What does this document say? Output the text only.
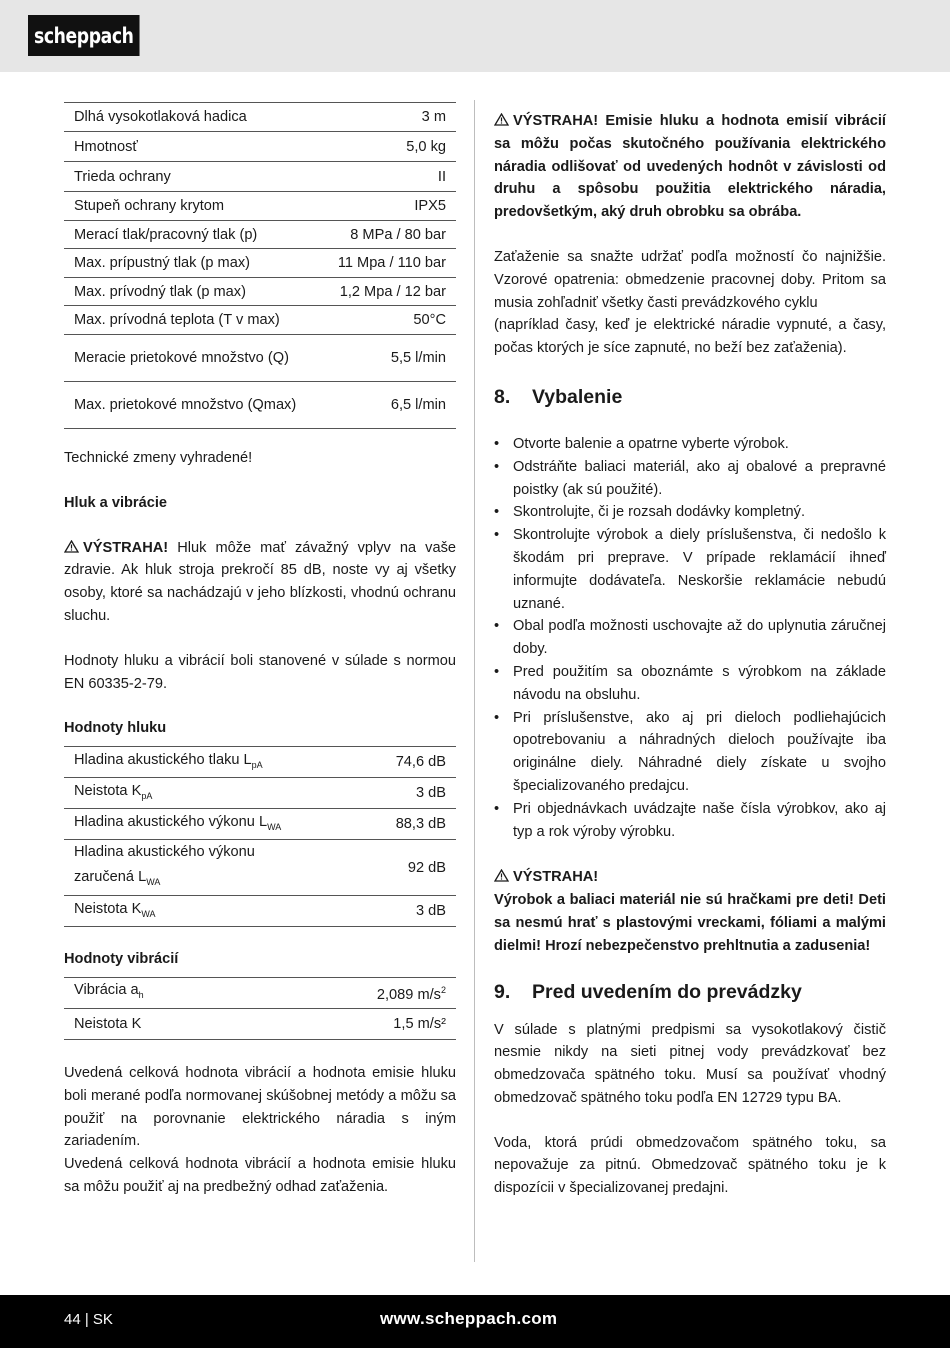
scheppach
Dlhá vysokotlaková hadica	3 m
Hmotnosť	5,0 kg
Trieda ochrany	II
Stupeň ochrany krytom	IPX5
Merací tlak/pracovný tlak (p)	8 MPa / 80 bar
Max. prípustný tlak (p max)	11 Mpa / 110 bar
Max. prívodný tlak (p max)	1,2 Mpa / 12 bar
Max. prívodná teplota (T v max)	50°C
Meracie prietokové množstvo (Q)	5,5 l/min
Max. prietokové množstvo (Qmax)	6,5 l/min

Technické zmeny vyhradené!

Hluk a vibrácie

VÝSTRAHA! Hluk môže mať závažný vplyv na vaše zdravie. Ak hluk stroja prekročí 85 dB, noste vy aj všetky osoby, ktoré sa nachádzajú v jeho blízkosti, vhodnú ochranu sluchu.

Hodnoty hluku a vibrácií boli stanovené v súlade s normou EN 60335-2-79.

Hodnoty hluku

Hladina akustického tlaku $L_{pA}$	74,6 dB
Neistota $K_{pA}$	3 dB
Hladina akustického výkonu $L_{WA}$	88,3 dB
Hladina akustického výkonu
zaručená $L_{WA}$	92 dB
Neistota $K_{WA}$	3 dB

Hodnoty vibrácií

Vibrácia $a_h$	2,089 $m/s^2$
Neistota K	1,5 m/s²

Uvedená celková hodnota vibrácií a hodnota emisie hluku boli merané podľa normovanej skúšobnej metódy a môžu sa použiť na porovnanie elektrického náradia s iným zariadením.

Uvedená celková hodnota vibrácií a hodnota emisie hluku sa môžu použiť aj na predbežný odhad zaťaženia.

VÝSTRAHA! Emisie hluku a hodnota emisií vibrácií sa môžu počas skutočného používania elektrického náradia odlišovať od uvedených hodnôt v závislosti od druhu a spôsobu použitia elektrického náradia, predovšetkým, aký druh obrobku sa obrába.

Zaťaženie sa snažte udržať podľa možností čo najnižšie. Vzorové opatrenia: obmedzenie pracovnej doby. Pritom sa musia zohľadniť všetky časti prevádzkového cyklu

(napríklad časy, keď je elektrické náradie vypnuté, a časy, počas ktorých je síce zapnuté, no beží bez zaťaženia).

8.	Vybalenie
• Otvorte balenie a opatrne vyberte výrobok.
• Odstráňte baliaci materiál, ako aj obalové a prepravné poistky (ak sú použité).
• Skontrolujte, či je rozsah dodávky kompletný.
• Skontrolujte výrobok a diely príslušenstva, či nedošlo k škodám pri preprave. V prípade reklamácií ihneď informujte dodávateľa. Neskoršie reklamácie nebudú uznané.
• Obal podľa možnosti uschovajte až do uplynutia záručnej doby.
• Pred použitím sa oboznámte s výrobkom na základe návodu na obsluhu.
• Pri príslušenstve, ako aj pri dieloch podliehajúcich opotrebovaniu a náhradných dieloch používajte iba originálne diely. Náhradné diely získate u svojho špecializovaného predajcu.
• Pri objednávkach uvádzajte naše čísla výrobkov, ako aj typ a rok výroby výrobku.

VÝSTRAHA!

Výrobok a baliaci materiál nie sú hračkami pre deti! Deti sa nesmú hrať s plastovými vreckami, fóliami a malými dielmi! Hrozí nebezpečenstvo prehltnutia a zadusenia!

9.	Pred uvedením do prevádzky

V súlade s platnými predpismi sa vysokotlakový čistič nesmie nikdy na sieti pitnej vody prevádzkovať bez obmedzovača spätného toku. Musí sa používať vhodný obmedzovač spätného toku podľa EN 12729 typu BA.

Voda, ktorá prúdi obmedzovačom spätného toku, sa nepovažuje za pitnú. Obmedzovač spätného toku je k dispozícii v špecializovanej predajni.

44 | SK	www.scheppach.com
